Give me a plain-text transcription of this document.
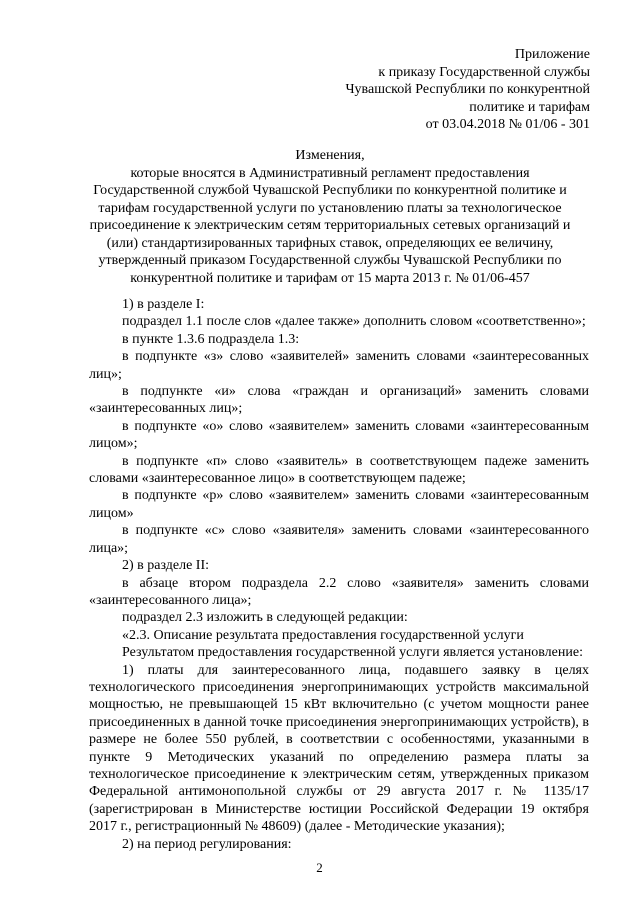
Приложение
к приказу Государственной службы
Чувашской Республики по конкурентной
политике и тарифам
от 03.04.2018 № 01/06 - 301
Изменения,
которые вносятся в Административный регламент предоставления
Государственной службой Чувашской Республики по конкурентной политике и
тарифам государственной услуги по установлению платы за технологическое
присоединение к электрическим сетям территориальных сетевых организаций и
(или) стандартизированных тарифных ставок, определяющих ее величину,
утвержденный приказом Государственной службы Чувашской Республики по
конкурентной политике и тарифам от 15 марта 2013 г. № 01/06-457

1) в разделе I:

подраздел 1.1 после слов «далее также» дополнить словом «соответственно»;

в пункте 1.3.6 подраздела 1.3:

в подпункте «з» слово «заявителей» заменить словами «заинтересованных лиц»;

в подпункте «и» слова «граждан и организаций» заменить словами «заинтересованных лиц»;

в подпункте «о» слово «заявителем» заменить словами «заинтересованным лицом»;

в подпункте «п» слово «заявитель» в соответствующем падеже заменить словами «заинтересованное лицо» в соответствующем падеже;

в подпункте «р» слово «заявителем» заменить словами «заинтересованным лицом»

в подпункте «с» слово «заявителя» заменить словами «заинтересованного лица»;

2) в разделе II:

в абзаце втором подраздела 2.2 слово «заявителя» заменить словами «заинтересованного лица»;

подраздел 2.3 изложить в следующей редакции:

«2.3. Описание результата предоставления государственной услуги

Результатом предоставления государственной услуги является установление:

1) платы для заинтересованного лица, подавшего заявку в целях технологического присоединения энергопринимающих устройств максимальной мощностью, не превышающей 15 кВт включительно (с учетом мощности ранее присоединенных в данной точке присоединения энергопринимающих устройств), в размере не более 550 рублей, в соответствии с особенностями, указанными в пункте 9 Методических указаний по определению размера платы за технологическое присоединение к электрическим сетям, утвержденных приказом Федеральной антимонопольной службы от 29 августа 2017 г. № 1135/17 (зарегистрирован в Министерстве юстиции Российской Федерации 19 октября 2017 г., регистрационный № 48609) (далее - Методические указания);

2) на период регулирования:

2
